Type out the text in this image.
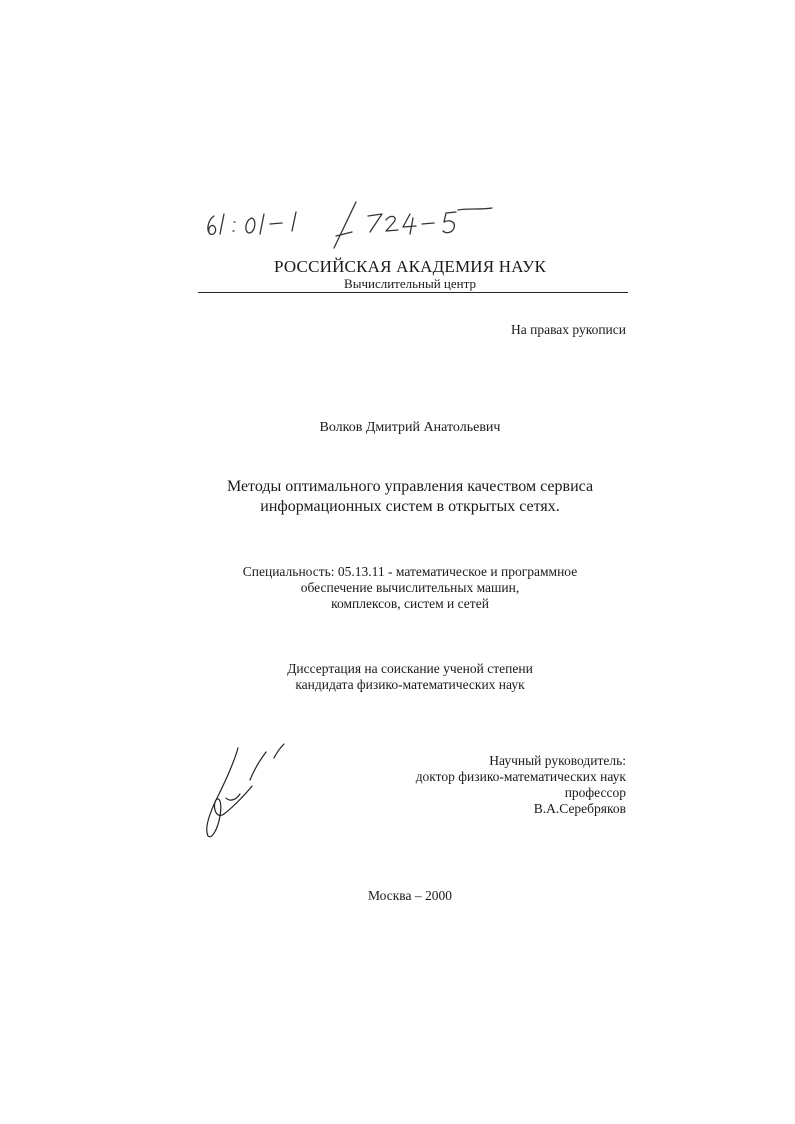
РОССИЙСКАЯ АКАДЕМИЯ НАУК
Вычислительный центр
На правах рукописи
Волков Дмитрий Анатольевич
Методы оптимального управления качеством сервиса
информационных систем в открытых сетях.
Специальность: 05.13.11 - математическое и программное
обеспечение вычислительных машин,
комплексов, систем и сетей
Диссертация на соискание ученой степени
кандидата физико-математических наук
Научный руководитель:
доктор физико-математических наук
профессор
В.А.Серебряков
Москва – 2000
